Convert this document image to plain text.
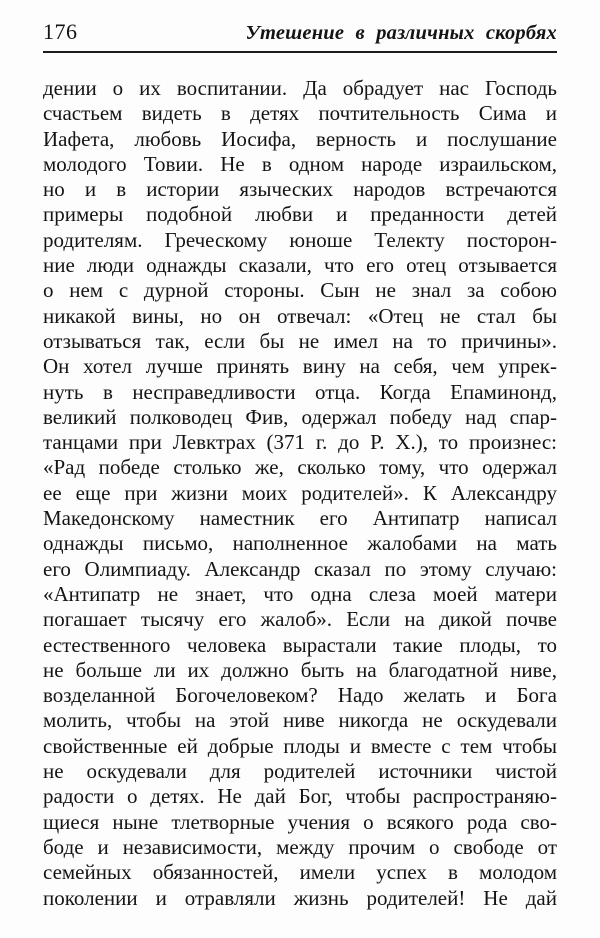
176	Утешение в различных скорбях
дении о их воспитании. Да обрадует нас Господь
счастьем видеть в детях почтительность Сима и
Иафета, любовь Иосифа, верность и послушание
молодого Товии. Не в одном народе израильском,
но и в истории языческих народов встречаются
примеры подобной любви и преданности детей
родителям. Греческому юноше Телекту посторон-
ние люди однажды сказали, что его отец отзывается
о нем с дурной стороны. Сын не знал за собою
никакой вины, но он отвечал: «Отец не стал бы
отзываться так, если бы не имел на то причины».
Он хотел лучше принять вину на себя, чем упрек-
нуть в несправедливости отца. Когда Епаминонд,
великий полководец Фив, одержал победу над спар-
танцами при Левктрах (371 г. до Р. Х.), то произнес:
«Рад победе столько же, сколько тому, что одержал
ее еще при жизни моих родителей». К Александру
Македонскому наместник его Антипатр написал
однажды письмо, наполненное жалобами на мать
его Олимпиаду. Александр сказал по этому случаю:
«Антипатр не знает, что одна слеза моей матери
погашает тысячу его жалоб». Если на дикой почве
естественного человека вырастали такие плоды, то
не больше ли их должно быть на благодатной ниве,
возделанной Богочеловеком? Надо желать и Бога
молить, чтобы на этой ниве никогда не оскудевали
свойственные ей добрые плоды и вместе с тем чтобы
не оскудевали для родителей источники чистой
радости о детях. Не дай Бог, чтобы распространяю-
щиеся ныне тлетворные учения о всякого рода сво-
боде и независимости, между прочим о свободе от
семейных обязанностей, имели успех в молодом
поколении и отравляли жизнь родителей! Не дай
